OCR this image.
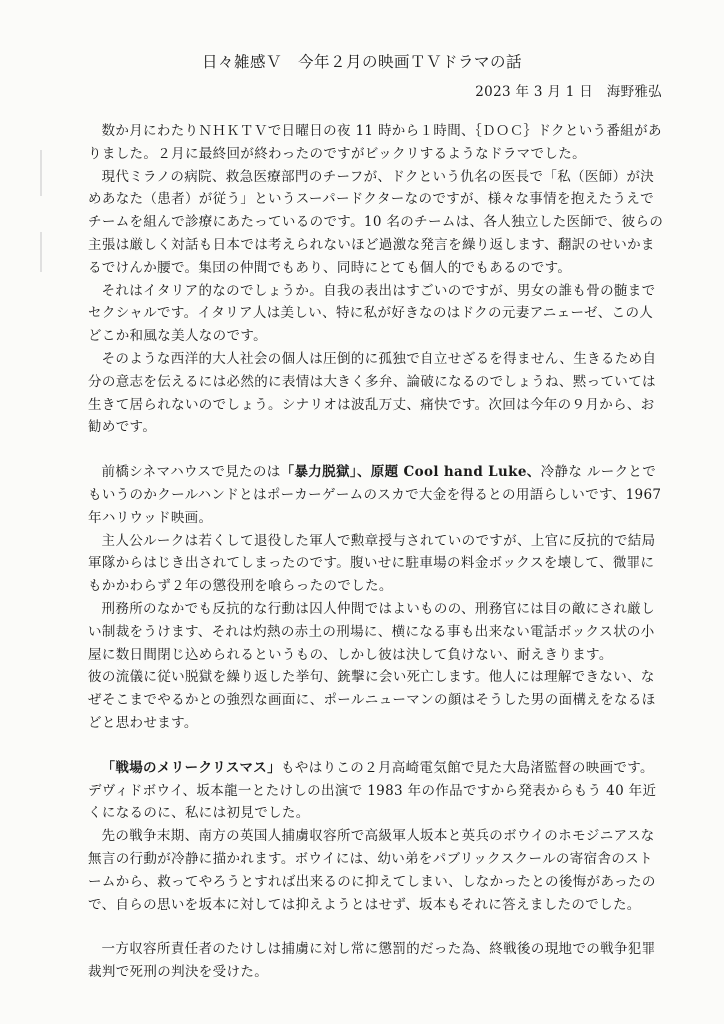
日々雑感Ｖ　今年２月の映画ＴＶドラマの話
2023 年 3 月 1 日　海野雅弘

数か月にわたりＮＨＫＴＶで日曜日の夜 11 時から１時間、｛ＤＯＣ｝ドクという番組がありました。２月に最終回が終わったのですがビックリするようなドラマでした。

現代ミラノの病院、救急医療部門のチーフが、ドクという仇名の医長で「私（医師）が決めあなた（患者）が従う」というスーパードクターなのですが、様々な事情を抱えたうえでチームを組んで診療にあたっているのです。10 名のチームは、各人独立した医師で、彼らの主張は厳しく対話も日本では考えられないほど過激な発言を繰り返します、翻訳のせいかまるでけんか腰で。集団の仲間でもあり、同時にとても個人的でもあるのです。

それはイタリア的なのでしょうか。自我の表出はすごいのですが、男女の誰も骨の髄までセクシャルです。イタリア人は美しい、特に私が好きなのはドクの元妻アニェーゼ、この人どこか和風な美人なのです。

そのような西洋的大人社会の個人は圧倒的に孤独で自立せざるを得ません、生きるため自分の意志を伝えるには必然的に表情は大きく多弁、論破になるのでしょうね、黙っていては生きて居られないのでしょう。シナリオは波乱万丈、痛快です。次回は今年の９月から、お勧めです。

前橋シネマハウスで見たのは「暴力脱獄」、原題 Cool hand Luke、冷静な ルークとでもいうのかクールハンドとはポーカーゲームのスカで大金を得るとの用語らしいです、1967 年ハリウッド映画。

主人公ルークは若くして退役した軍人で勲章授与されていのですが、上官に反抗的で結局軍隊からはじき出されてしまったのです。腹いせに駐車場の料金ボックスを壊して、微罪にもかかわらず２年の懲役刑を喰らったのでした。

刑務所のなかでも反抗的な行動は囚人仲間ではよいものの、刑務官には目の敵にされ厳しい制裁をうけます、それは灼熱の赤土の刑場に、横になる事も出来ない電話ボックス状の小屋に数日間閉じ込められるというもの、しかし彼は決して負けない、耐えきります。

彼の流儀に従い脱獄を繰り返した挙句、銃撃に会い死亡します。他人には理解できない、なぜそこまでやるかとの強烈な画面に、ポールニューマンの顔はそうした男の面構えをなるほどと思わせます。

「戦場のメリークリスマス」もやはりこの２月高崎電気館で見た大島渚監督の映画です。デヴィドボウイ、坂本龍一とたけしの出演で 1983 年の作品ですから発表からもう 40 年近くになるのに、私には初見でした。

先の戦争末期、南方の英国人捕虜収容所で高級軍人坂本と英兵のボウイのホモジニアスな無言の行動が冷静に描かれます。ボウイには、幼い弟をパブリックスクールの寄宿舎のストームから、救ってやろうとすれば出来るのに抑えてしまい、しなかったとの後悔があったので、自らの思いを坂本に対しては抑えようとはせず、坂本もそれに答えましたのでした。

一方収容所責任者のたけしは捕虜に対し常に懲罰的だった為、終戦後の現地での戦争犯罪裁判で死刑の判決を受けた。
